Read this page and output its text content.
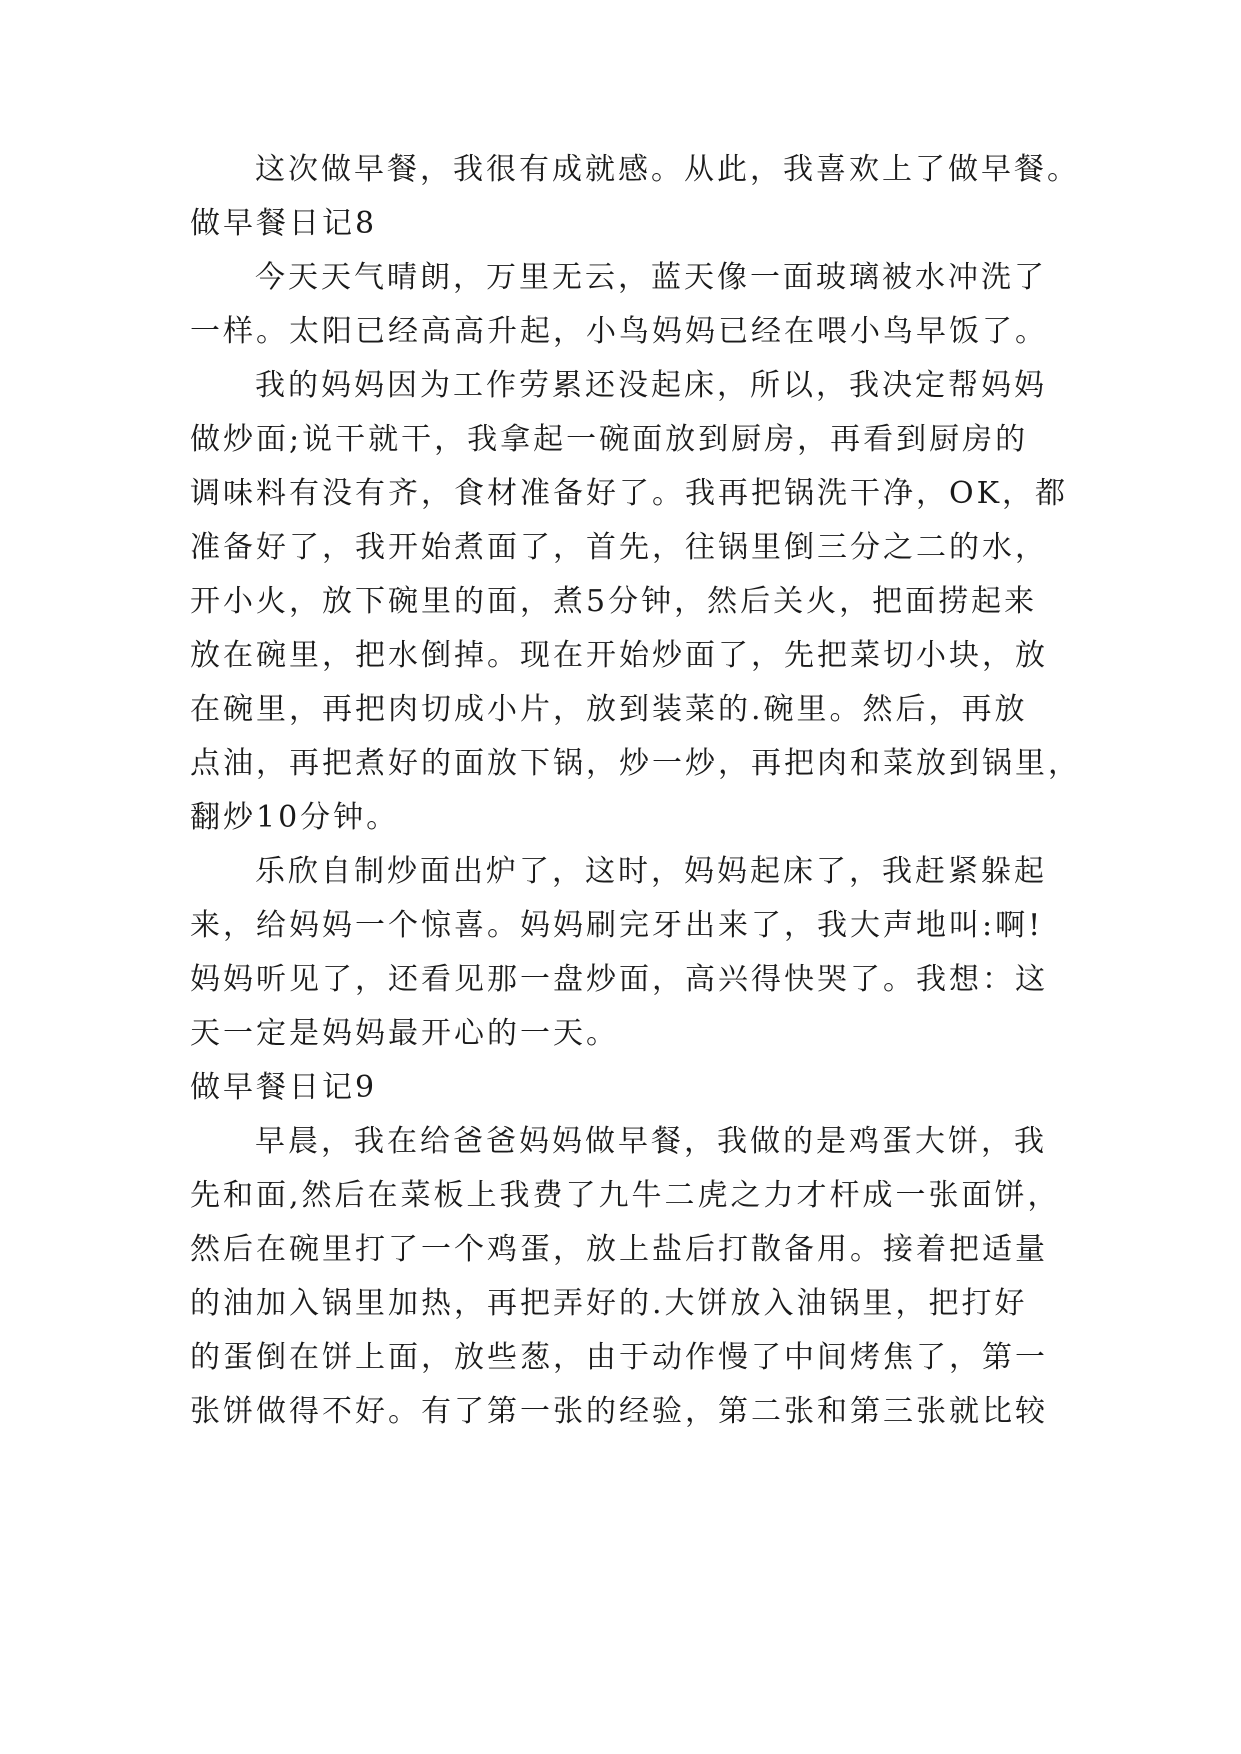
这次做早餐，我很有成就感。从此，我喜欢上了做早餐。
做早餐日记8
今天天气晴朗，万里无云，蓝天像一面玻璃被水冲洗了
一样。太阳已经高高升起，小鸟妈妈已经在喂小鸟早饭了。
我的妈妈因为工作劳累还没起床，所以，我决定帮妈妈
做炒面;说干就干，我拿起一碗面放到厨房，再看到厨房的
调味料有没有齐，食材准备好了。我再把锅洗干净，OK，都
准备好了，我开始煮面了，首先，往锅里倒三分之二的水，
开小火，放下碗里的面，煮5分钟，然后关火，把面捞起来
放在碗里，把水倒掉。现在开始炒面了，先把菜切小块，放
在碗里，再把肉切成小片，放到装菜的.碗里。然后，再放
点油，再把煮好的面放下锅，炒一炒，再把肉和菜放到锅里，
翻炒10分钟。
乐欣自制炒面出炉了，这时，妈妈起床了，我赶紧躲起
来，给妈妈一个惊喜。妈妈刷完牙出来了，我大声地叫:啊!
妈妈听见了，还看见那一盘炒面，高兴得快哭了。我想：这
天一定是妈妈最开心的一天。
做早餐日记9
早晨，我在给爸爸妈妈做早餐，我做的是鸡蛋大饼，我
先和面,然后在菜板上我费了九牛二虎之力才杆成一张面饼，
然后在碗里打了一个鸡蛋，放上盐后打散备用。接着把适量
的油加入锅里加热，再把弄好的.大饼放入油锅里，把打好
的蛋倒在饼上面，放些葱，由于动作慢了中间烤焦了，第一
张饼做得不好。有了第一张的经验，第二张和第三张就比较
